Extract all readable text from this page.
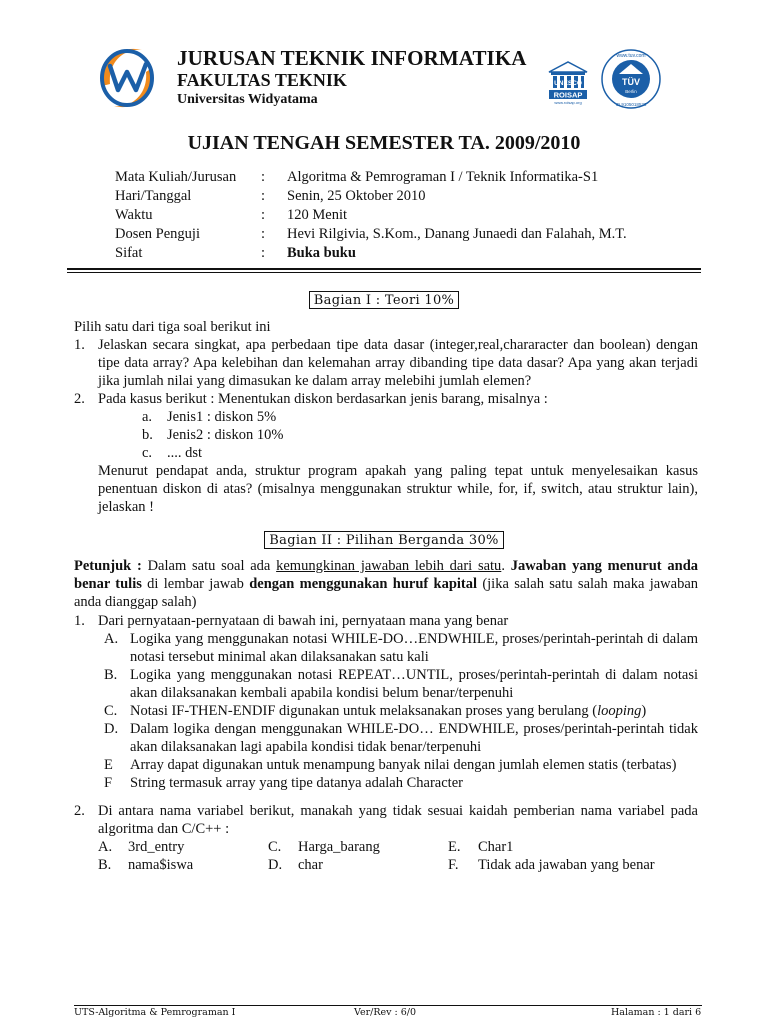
JURUSAN TEKNIK INFORMATIKA
FAKULTAS TEKNIK
Universitas Widyatama
UNESCO
ROISAP
www.roisap.org
TÜV
Berlin
www.tuv.com
ID 9105018536
UJIAN TENGAH SEMESTER TA. 2009/2010
Mata Kuliah/Jurusan	:	Algoritma & Pemrograman I / Teknik Informatika-S1
Hari/Tanggal	:	Senin, 25 Oktober 2010
Waktu	:	120 Menit
Dosen Penguji	:	Hevi Rilgivia, S.Kom., Danang Junaedi dan Falahah, M.T.
Sifat	:	Buka buku
Bagian I : Teori 10%
Pilih satu dari tiga soal berikut ini
1. Jelaskan secara singkat, apa perbedaan tipe data dasar (integer,real,chararacter dan boolean) dengan tipe data array? Apa kelebihan dan kelemahan array dibanding tipe data dasar? Apa yang akan terjadi jika jumlah nilai yang dimasukan ke dalam array melebihi jumlah elemen?
2. Pada kasus berikut : Menentukan diskon berdasarkan jenis barang, misalnya :
a.	Jenis1 : diskon 5%
b. Jenis2 : diskon 10%
c.	.... dst
Menurut pendapat anda, struktur program apakah yang paling tepat untuk menyelesaikan kasus penentuan diskon di atas? (misalnya menggunakan struktur while, for, if, switch, atau struktur lain), jelaskan !
Bagian II : Pilihan Berganda 30%
Petunjuk : Dalam satu soal ada kemungkinan jawaban lebih dari satu. Jawaban yang menurut anda benar tulis di lembar jawab dengan menggunakan huruf kapital (jika salah satu salah maka jawaban anda dianggap salah)
1. Dari pernyataan-pernyataan di bawah ini, pernyataan mana yang benar
A. Logika yang menggunakan notasi WHILE-DO…ENDWHILE, proses/perintah-perintah di dalam notasi tersebut minimal akan dilaksanakan satu kali
B. Logika yang menggunakan notasi REPEAT…UNTIL, proses/perintah-perintah di dalam notasi akan dilaksanakan kembali apabila kondisi belum benar/terpenuhi
C. Notasi IF-THEN-ENDIF digunakan untuk melaksanakan proses yang berulang (looping)
D. Dalam logika dengan menggunakan WHILE-DO… ENDWHILE, proses/perintah-perintah tidak akan dilaksanakan lagi apabila kondisi tidak benar/terpenuhi
E Array dapat digunakan untuk menampung banyak nilai dengan jumlah elemen statis (terbatas)
F String termasuk array yang tipe datanya adalah Character
2. Di antara nama variabel berikut, manakah yang tidak sesuai kaidah pemberian nama variabel pada algoritma dan C/C++ :
A.	3rd_entry	C.	Harga_barang	E.	Char1
B.	nama$iswa	D.	char	F.	Tidak ada jawaban yang benar
UTS-Algoritma & Pemrograman I	Ver/Rev : 6/0	Halaman : 1 dari 6
